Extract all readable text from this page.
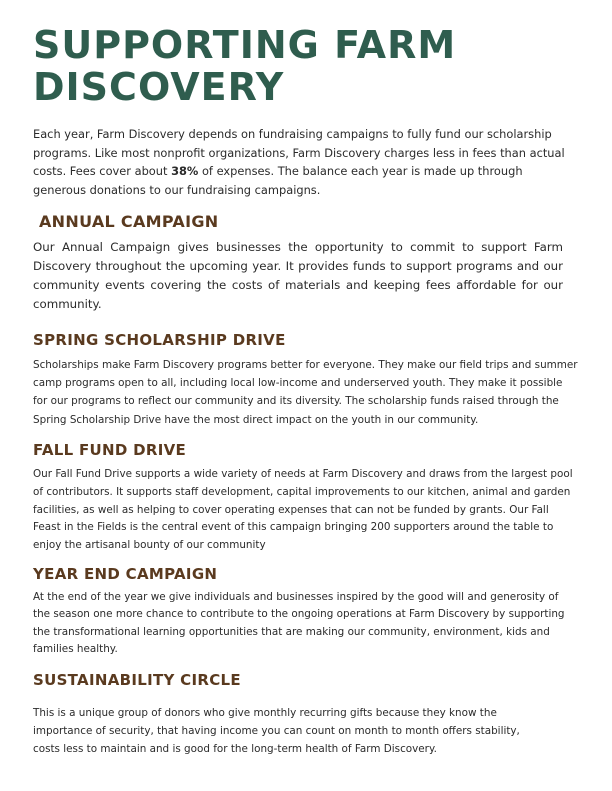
SUPPORTING FARM DISCOVERY

Each year, Farm Discovery depends on fundraising campaigns to fully fund our scholarship programs. Like most nonprofit organizations, Farm Discovery charges less in fees than actual costs. Fees cover about 38% of expenses. The balance each year is made up through generous donations to our fundraising campaigns.

ANNUAL CAMPAIGN

Our Annual Campaign gives businesses the opportunity to commit to support Farm Discovery throughout the upcoming year. It provides funds to support programs and our community events covering the costs of materials and keeping fees affordable for our community.

SPRING SCHOLARSHIP DRIVE

Scholarships make Farm Discovery programs better for everyone. They make our field trips and summer camp programs open to all, including local low-income and underserved youth. They make it possible for our programs to reflect our community and its diversity. The scholarship funds raised through the Spring Scholarship Drive have the most direct impact on the youth in our community.

FALL FUND DRIVE

Our Fall Fund Drive supports a wide variety of needs at Farm Discovery and draws from the largest pool of contributors. It supports staff development, capital improvements to our kitchen, animal and garden facilities, as well as helping to cover operating expenses that can not be funded by grants. Our Fall Feast in the Fields is the central event of this campaign bringing 200 supporters around the table to enjoy the artisanal bounty of our community

YEAR END CAMPAIGN

At the end of the year we give individuals and businesses inspired by the good will and generosity of the season one more chance to contribute to the ongoing operations at Farm Discovery by supporting the transformational learning opportunities that are making our community, environment, kids and families healthy.

SUSTAINABILITY CIRCLE

This is a unique group of donors who give monthly recurring gifts because they know the importance of security, that having income you can count on month to month offers stability, costs less to maintain and is good for the long-term health of Farm Discovery.
